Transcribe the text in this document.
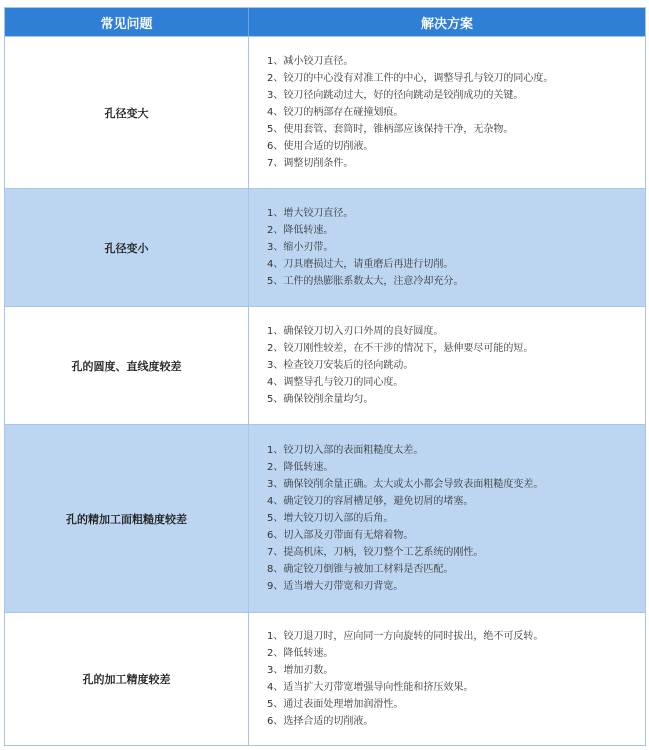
常见问题	解决方案
孔径变大
1、减小铰刀直径。
2、铰刀的中心没有对准工件的中心，调整导孔与铰刀的同心度。
3、铰刀径向跳动过大，好的径向跳动是铰削成功的关键。
4、铰刀的柄部存在碰撞划痕。
5、使用套管、套筒时，锥柄部应该保持干净，无杂物。
6、使用合适的切削液。
7、调整切削条件。
孔径变小
1、增大铰刀直径。
2、降低转速。
3、缩小刃带。
4、刀具磨损过大，请重磨后再进行切削。
5、工件的热膨胀系数太大，注意冷却充分。
孔的圆度、直线度较差
1、确保铰刀切入刃口外周的良好圆度。
2、铰刀刚性较差，在不干涉的情况下，悬伸要尽可能的短。
3、检查铰刀安装后的径向跳动。
4、调整导孔与铰刀的同心度。
5、确保铰削余量均匀。
孔的精加工面粗糙度较差
1、铰刀切入部的表面粗糙度太差。
2、降低转速。
3、确保铰削余量正确。太大或太小都会导致表面粗糙度变差。
4、确定铰刀的容屑槽足够，避免切屑的堵塞。
5、增大铰刀切入部的后角。
6、切入部及刃带面有无熔着物。
7、提高机床，刀柄，铰刀整个工艺系统的刚性。
8、确定铰刀倒锥与被加工材料是否匹配。
9、适当增大刃带宽和刃背宽。
孔的加工精度较差
1、铰刀退刀时，应向同一方向旋转的同时拔出，绝不可反转。
2、降低转速。
3、增加刃数。
4、适当扩大刃带宽增强导向性能和挤压效果。
5、通过表面处理增加润滑性。
6、选择合适的切削液。
